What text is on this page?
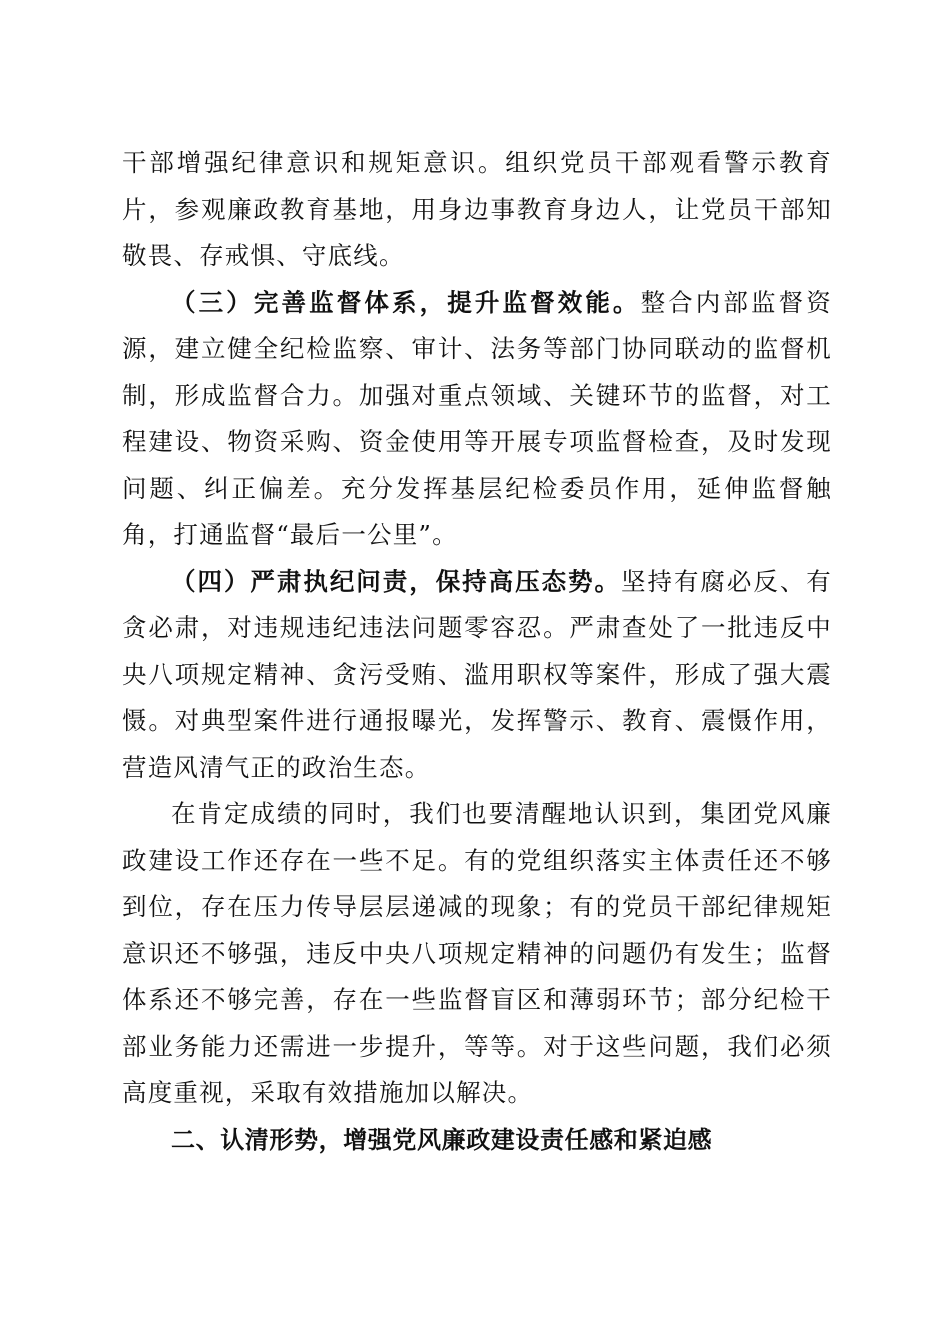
干部增强纪律意识和规矩意识。组织党员干部观看警示教育片，参观廉政教育基地，用身边事教育身边人，让党员干部知敬畏、存戒惧、守底线。

（三）完善监督体系，提升监督效能。整合内部监督资源，建立健全纪检监察、审计、法务等部门协同联动的监督机制，形成监督合力。加强对重点领域、关键环节的监督，对工程建设、物资采购、资金使用等开展专项监督检查，及时发现问题、纠正偏差。充分发挥基层纪检委员作用，延伸监督触角，打通监督“最后一公里”。

（四）严肃执纪问责，保持高压态势。坚持有腐必反、有贪必肃，对违规违纪违法问题零容忍。严肃查处了一批违反中央八项规定精神、贪污受贿、滥用职权等案件，形成了强大震慑。对典型案件进行通报曝光，发挥警示、教育、震慑作用，营造风清气正的政治生态。

在肯定成绩的同时，我们也要清醒地认识到，集团党风廉政建设工作还存在一些不足。有的党组织落实主体责任还不够到位，存在压力传导层层递减的现象；有的党员干部纪律规矩意识还不够强，违反中央八项规定精神的问题仍有发生；监督体系还不够完善，存在一些监督盲区和薄弱环节；部分纪检干部业务能力还需进一步提升，等等。对于这些问题，我们必须高度重视，采取有效措施加以解决。

二、认清形势，增强党风廉政建设责任感和紧迫感
